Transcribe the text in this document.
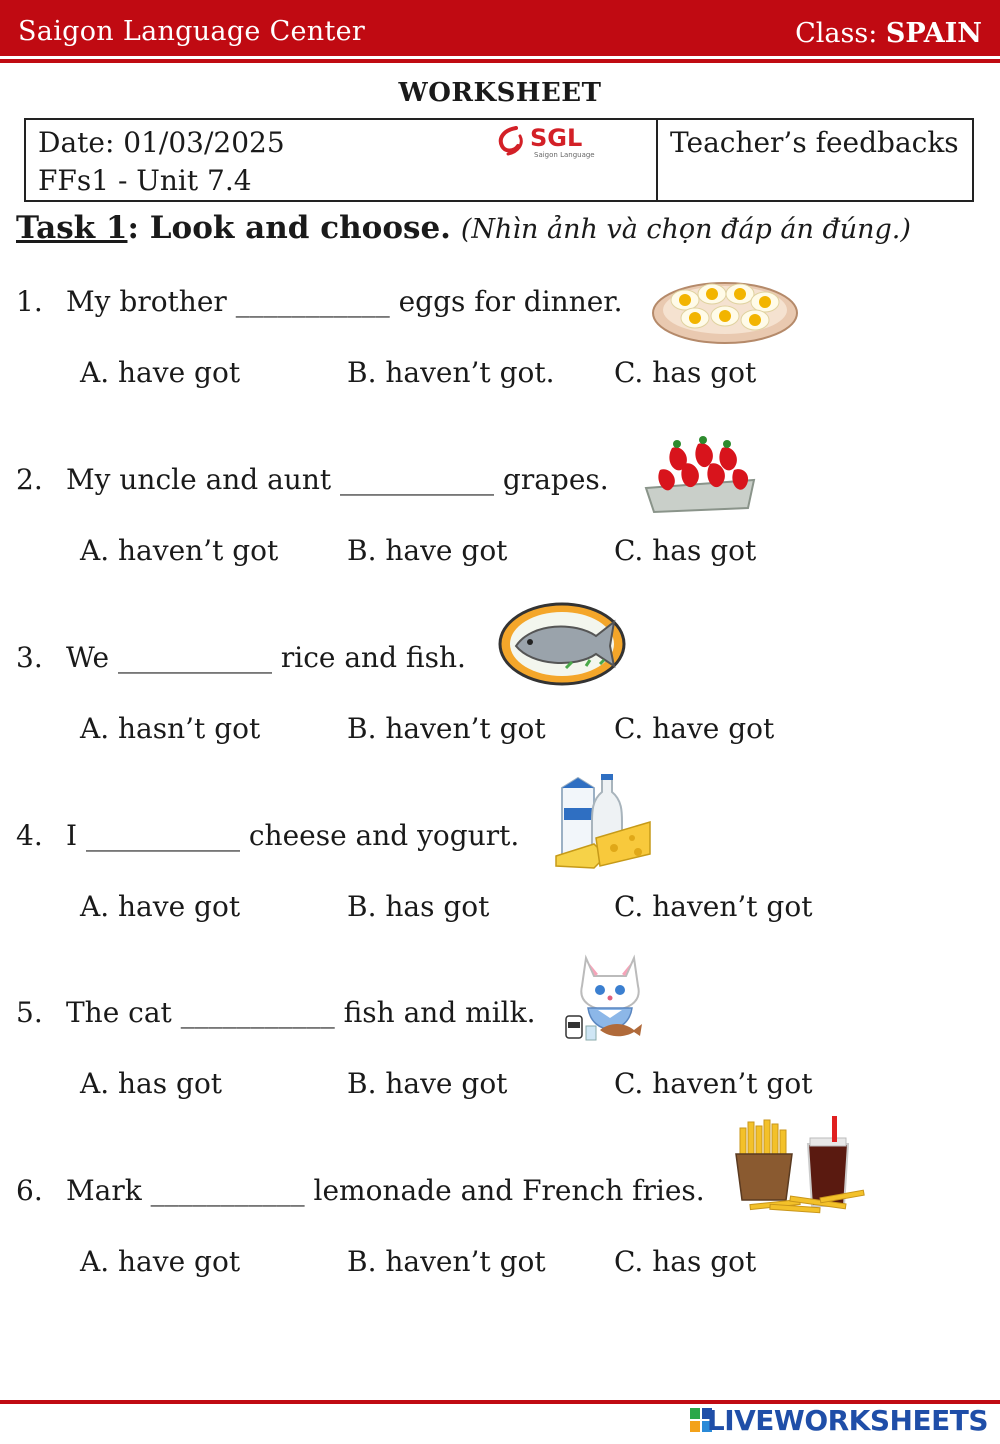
Saigon Language Center	Class: SPAIN
WORKSHEET
Date: 01/03/2025
FFs1 - Unit 7.4
SGL
Saigon Language	Teacher’s feedbacks
Task 1: Look and choose. (Nhìn ảnh và chọn đáp án đúng.)
1. My brother ___________ eggs for dinner.
A. have got	B. haven’t got. C. has got
2. My uncle and aunt ___________ grapes.
A. haven’t got B. have got	C. has got
3. We ___________ rice and fish.
A. hasn’t got	B. haven’t got C. have got
4. I ___________ cheese and yogurt.
A. have got	B. has got	C. haven’t got
5. The cat ___________ fish and milk.
A. has got	B. have got	C. haven’t got
6. Mark ___________ lemonade and French fries.
A. have got	B. haven’t got C. has got
LIVEWORKSHEETS
